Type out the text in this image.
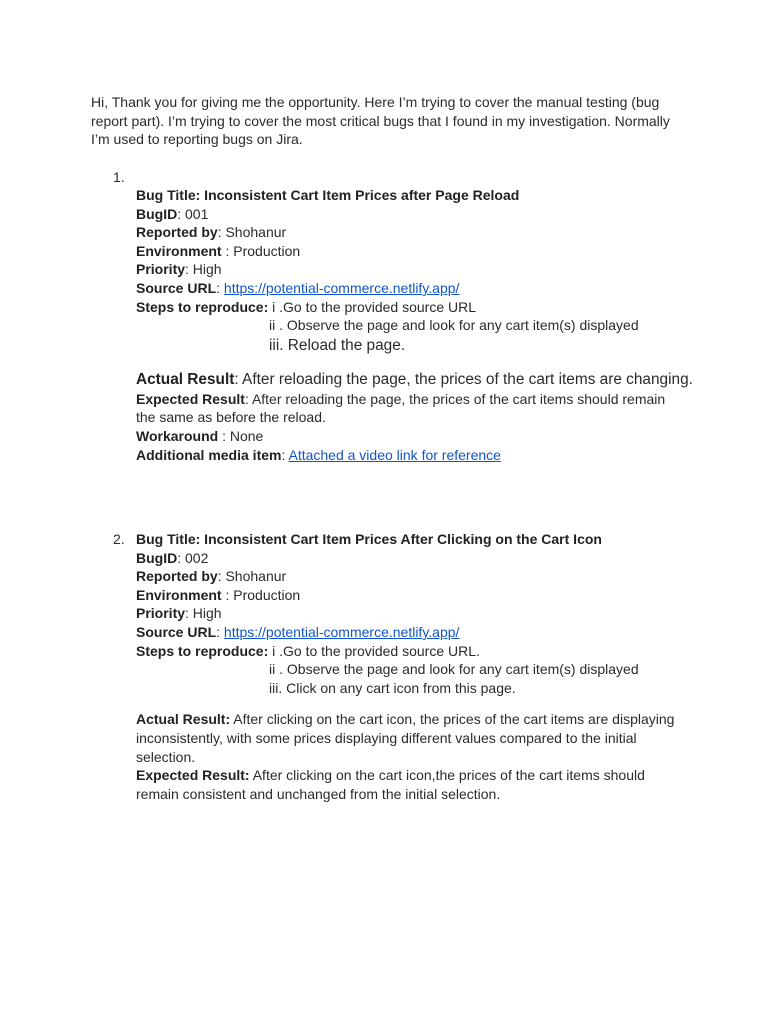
Hi, Thank you for giving me the opportunity. Here I’m trying to cover the manual testing (bug report part). I’m trying to cover the most critical bugs that I found in my investigation. Normally I’m used to reporting bugs on Jira.
1.
Bug Title: Inconsistent Cart Item Prices after Page Reload
BugID: 001
Reported by: Shohanur
Environment : Production
Priority: High
Source URL: https://potential-commerce.netlify.app/
Steps to reproduce: i .Go to the provided source URL
ii . Observe the page and look for any cart item(s) displayed
iii. Reload the page.
Actual Result: After reloading the page, the prices of the cart items are changing.
Expected Result: After reloading the page, the prices of the cart items should remain the same as before the reload.
Workaround : None
Additional media item: Attached a video link for reference
2. Bug Title: Inconsistent Cart Item Prices After Clicking on the Cart Icon
BugID: 002
Reported by: Shohanur
Environment : Production
Priority: High
Source URL: https://potential-commerce.netlify.app/
Steps to reproduce: i .Go to the provided source URL.
ii . Observe the page and look for any cart item(s) displayed
iii. Click on any cart icon from this page.
Actual Result: After clicking on the cart icon, the prices of the cart items are displaying inconsistently, with some prices displaying different values compared to the initial selection.
Expected Result: After clicking on the cart icon,the prices of the cart items should remain consistent and unchanged from the initial selection.
